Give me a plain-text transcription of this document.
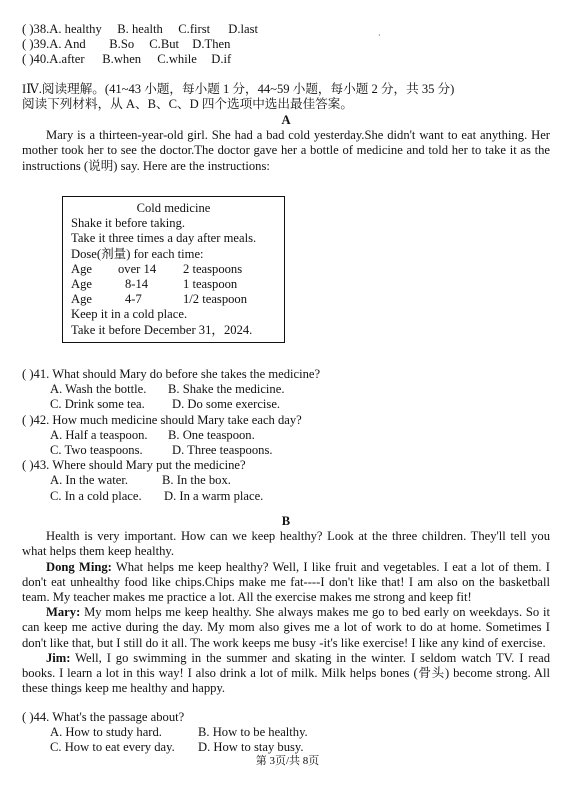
·
( )38.A. healthy B. health C.first D.last
( )39.A. And B.So C.But D.Then
( )40.A.after B.when C.while D.if
IⅣ.阅读理解。(41~43 小题，每小题 1 分，44~59 小题，每小题 2 分，共 35 分)
阅读下列材料，从 A、B、C、D 四个选项中选出最佳答案。
A
Mary is a thirteen-year-old girl. She had a bad cold yesterday.She didn't want to eat anything. Her mother took her to see the doctor.The doctor gave her a bottle of medicine and told her to take it as the instructions (说明) say. Here are the instructions:
Cold medicine
Shake it before taking.
Take it three times a day after meals.
Dose(剂量) for each time:
Age over 14 2 teaspoons
Age	8-14	1 teaspoon
Age	4-7	1/2 teaspoon
Keep it in a cold place.
Take it before December 31，2024.
( )41. What should Mary do before she takes the medicine?
A. Wash the bottle. B. Shake the medicine.
C. Drink some tea. D. Do some exercise.
( )42. How much medicine should Mary take each day?
A. Half a teaspoon. B. One teaspoon.
C. Two teaspoons. D. Three teaspoons.
( )43. Where should Mary put the medicine?
A. In the water.	B. In the box.
C. In a cold place. D. In a warm place.
B
Health is very important. How can we keep healthy? Look at the three children. They'll tell you what helps them keep healthy.
Dong Ming: What helps me keep healthy? Well, I like fruit and vegetables. I eat a lot of them. I don't eat unhealthy food like chips.Chips make me fat----I don't like that! I am also on the basketball team. My teacher makes me practice a lot. All the exercise makes me strong and keep fit!
Mary: My mom helps me keep healthy. She always makes me go to bed early on weekdays. So it can keep me active during the day. My mom also gives me a lot of work to do at home. Sometimes I don't like that, but I still do it all. The work keeps me busy -it's like exercise! I like any kind of exercise.
Jim: Well, I go swimming in the summer and skating in the winter. I seldom watch TV. I read books. I learn a lot in this way! I also drink a lot of milk. Milk helps bones (骨头) become strong. All these things keep me healthy and happy.
( )44. What's the passage about?
A. How to study hard.	B. How to be healthy.
C. How to eat every day. D. How to stay busy.
第 3页/共 8页
